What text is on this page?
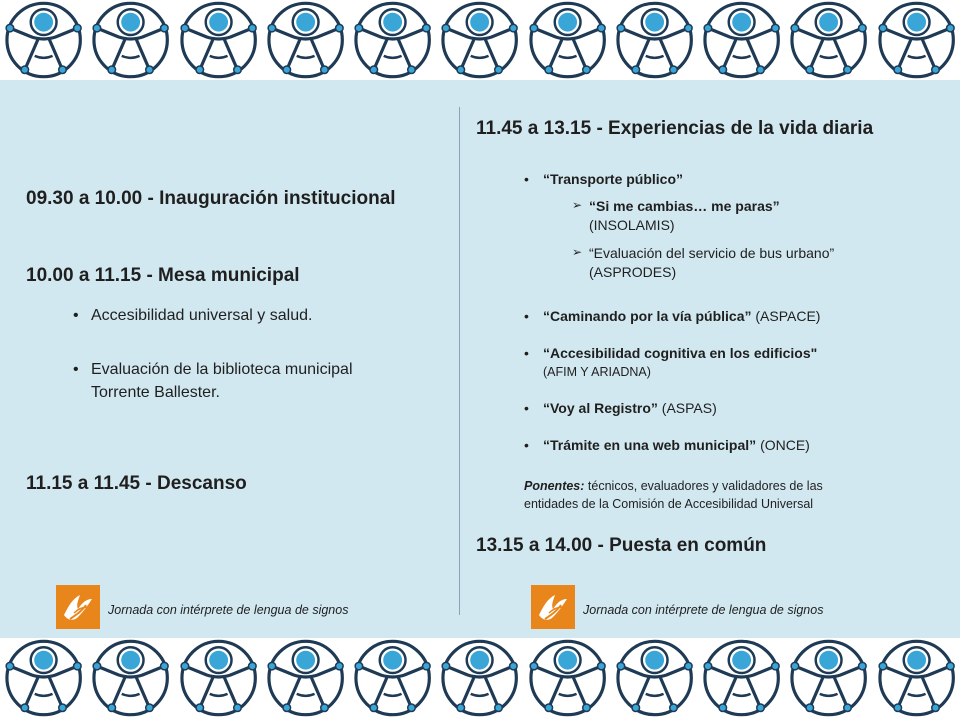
09.30 a 10.00 - Inauguración institucional
10.00 a 11.15 - Mesa municipal
• Accesibilidad universal y salud.
• Evaluación de la biblioteca municipal
Torrente Ballester.
11.15 a 11.45 - Descanso
Jornada con intérprete de lengua de signos
11.45 a 13.15 - Experiencias de la vida diaria
• “Transporte público”
➢ “Si me cambias… me paras”
(INSOLAMIS)
➢ “Evaluación del servicio de bus urbano”
(ASPRODES)
• “Caminando por la vía pública” (ASPACE)
• “Accesibilidad cognitiva en los edificios"
(AFIM Y ARIADNA)
• “Voy al Registro” (ASPAS)
• “Trámite en una web municipal” (ONCE)
Ponentes: técnicos, evaluadores y validadores de las
entidades de la Comisión de Accesibilidad Universal
13.15 a 14.00 - Puesta en común
Jornada con intérprete de lengua de signos
